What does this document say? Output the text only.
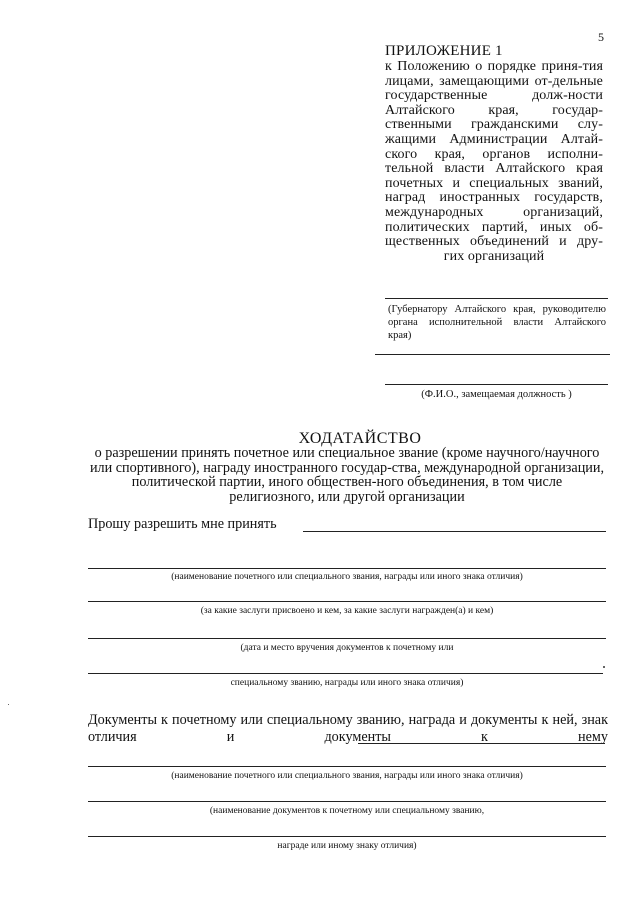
5
ПРИЛОЖЕНИЕ 1
к Положению о порядке приня-тия лицами, замещающими от-дельные государственные долж-ности Алтайского края, государ-ственными гражданскими слу-жащими Администрации Алтай-ского края, органов исполни-тельной власти Алтайского края почетных и специальных званий, наград иностранных государств, международных организаций, политических партий, иных об-щественных объединений и дру-гих организаций
(Губернатору Алтайского края, руководителю органа исполнительной власти Алтайского края)
(Ф.И.О., замещаемая должность )
ХОДАТАЙСТВО
о разрешении принять почетное или специальное звание (кроме научного/научного или спортивного), награду иностранного государ-ства, международной организации, политической партии, иного обществен-ного объединения, в том числе религиозного, или другой организации
Прошу разрешить мне принять
(наименование почетного или специального звания, награды или иного знака отличия)
(за какие заслуги присвоено и кем, за какие заслуги награжден(а) и кем)
(дата и место вручения документов к почетному или
специальному званию, награды или иного знака отличия)
Документы к почетному или специальному званию, награда и документы к ней, знак отличия и документы к нему
(наименование почетного или специального звания, награды или иного знака отличия)
(наименование документов к почетному или специальному званию,
награде или иному знаку отличия)
